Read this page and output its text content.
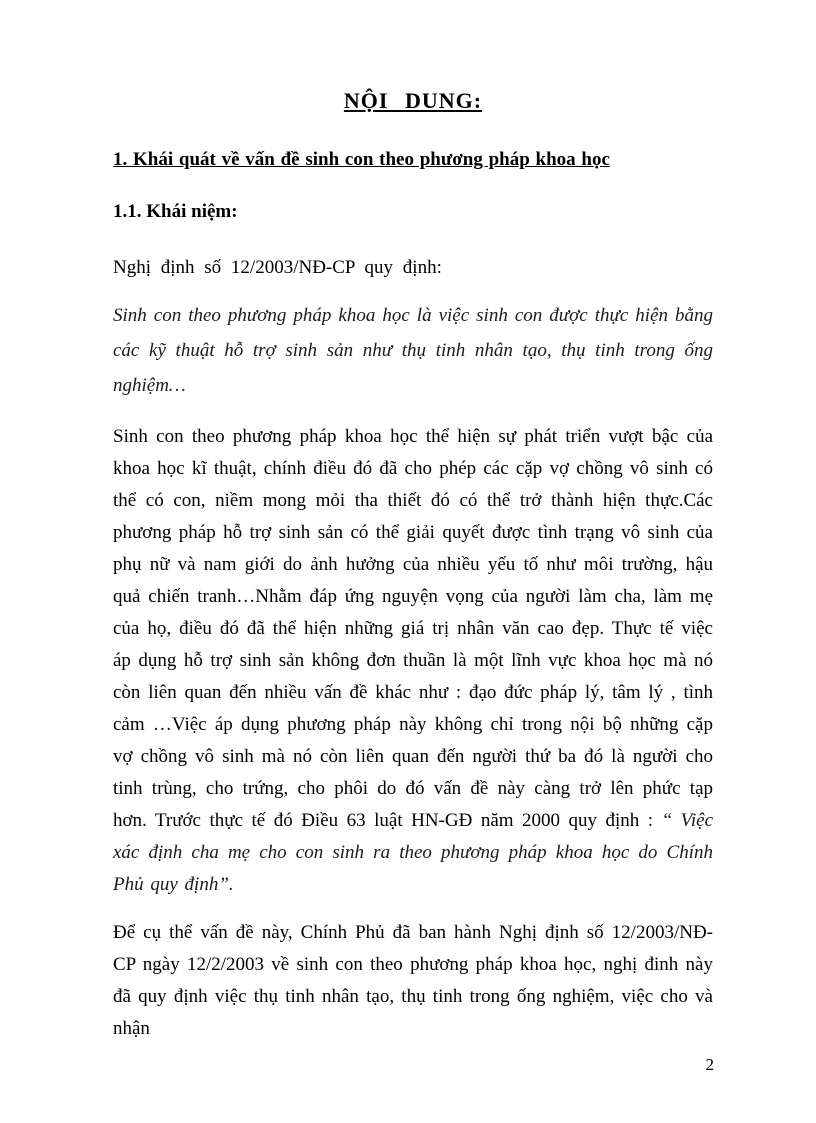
NỘI DUNG:
1. Khái quát về vấn đề sinh con theo phương pháp khoa học
1.1. Khái niệm:

Nghị định số 12/2003/NĐ-CP quy định:

Sinh con theo phương pháp khoa học là việc sinh con được thực hiện bằng các kỹ thuật hỗ trợ sinh sản như thụ tinh nhân tạo, thụ tinh trong ống nghiệm…

Sinh con theo phương pháp khoa học thể hiện sự phát triển vượt bậc của khoa học kĩ thuật, chính điều đó đã cho phép các cặp vợ chồng vô sinh có thể có con, niềm mong mỏi tha thiết đó có thể trở thành hiện thực.Các phương pháp hỗ trợ sinh sản có thể giải quyết được tình trạng vô sinh của phụ nữ và nam giới do ảnh hưởng của nhiều yếu tố như môi trường, hậu quả chiến tranh…Nhằm đáp ứng nguyện vọng của người làm cha, làm mẹ của họ, điều đó đã thể hiện những giá trị nhân văn cao đẹp. Thực tế việc áp dụng hỗ trợ sinh sản không đơn thuần là một lĩnh vực khoa học mà nó còn liên quan đến nhiều vấn đề khác như : đạo đức pháp lý, tâm lý , tình cảm …Việc áp dụng phương pháp này không chỉ trong nội bộ những cặp vợ chồng vô sinh mà nó còn liên quan đến người thứ ba đó là người cho tinh trùng, cho trứng, cho phôi do đó vấn đề này càng trở lên phức tạp hơn. Trước thực tế đó Điều 63 luật HN-GĐ năm 2000 quy định : “ Việc xác định cha mẹ cho con sinh ra theo phương pháp khoa học do Chính Phủ quy định”.

Để cụ thể vấn đề này, Chính Phủ đã ban hành Nghị định số 12/2003/NĐ-CP ngày 12/2/2003 về sinh con theo phương pháp khoa học, nghị đinh này đã quy định việc thụ tinh nhân tạo, thụ tinh trong ống nghiệm, việc cho và nhận

2
